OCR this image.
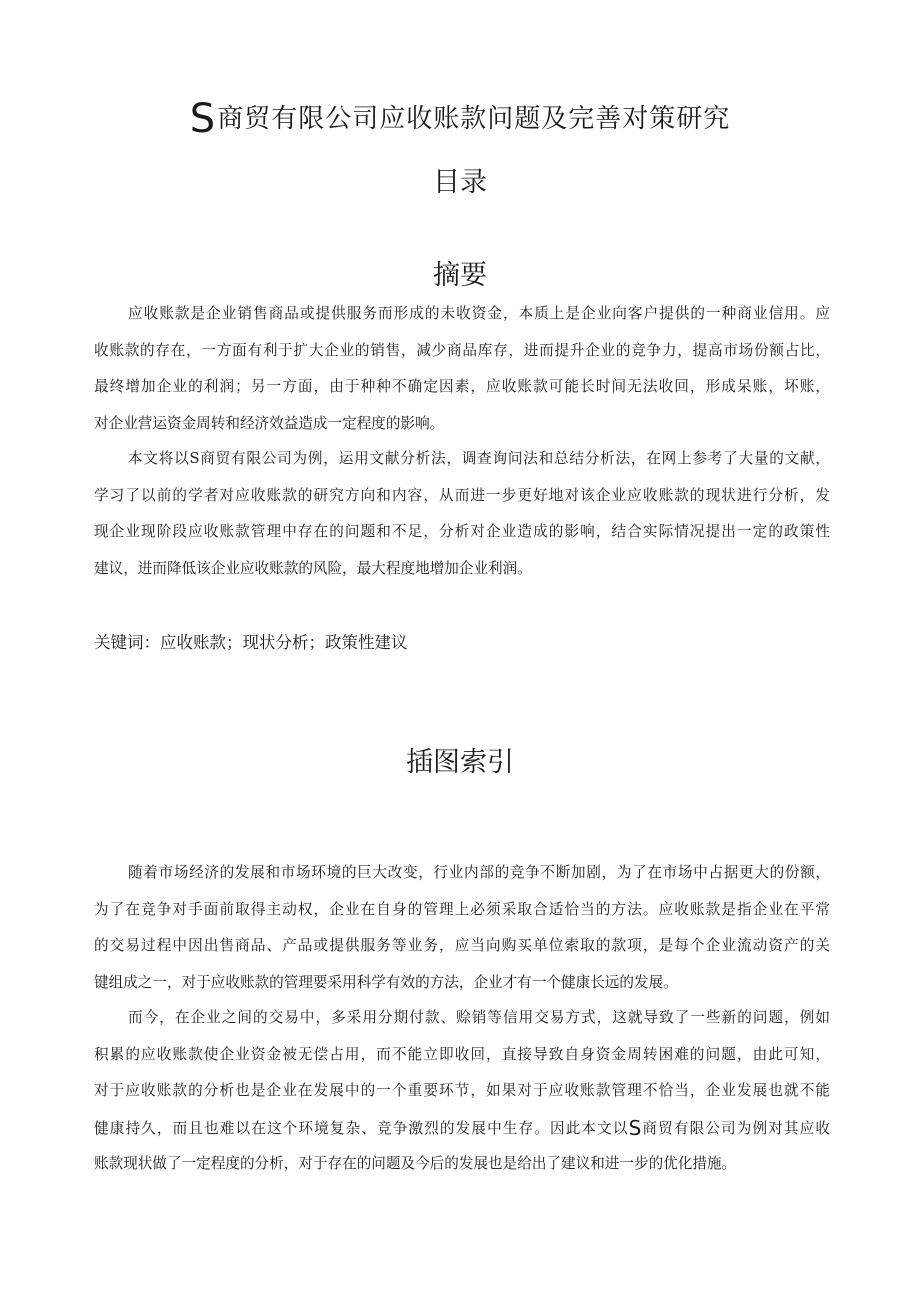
S商贸有限公司应收账款问题及完善对策研究
目录
摘要
应收账款是企业销售商品或提供服务而形成的未收资金，本质上是企业向客户提供的一种商业信用。应
收账款的存在，一方面有利于扩大企业的销售，减少商品库存，进而提升企业的竞争力，提高市场份额占比，
最终增加企业的利润；另一方面，由于种种不确定因素，应收账款可能长时间无法收回，形成呆账，坏账，
对企业营运资金周转和经济效益造成一定程度的影响。
本文将以S商贸有限公司为例，运用文献分析法，调查询问法和总结分析法，在网上参考了大量的文献，
学习了以前的学者对应收账款的研究方向和内容，从而进一步更好地对该企业应收账款的现状进行分析，发
现企业现阶段应收账款管理中存在的问题和不足，分析对企业造成的影响，结合实际情况提出一定的政策性
建议，进而降低该企业应收账款的风险，最大程度地增加企业利润。
关键词：应收账款；现状分析；政策性建议
插图索引
随着市场经济的发展和市场环境的巨大改变，行业内部的竞争不断加剧，为了在市场中占据更大的份额，
为了在竞争对手面前取得主动权，企业在自身的管理上必须采取合适恰当的方法。应收账款是指企业在平常
的交易过程中因出售商品、产品或提供服务等业务，应当向购买单位索取的款项，是每个企业流动资产的关
键组成之一，对于应收账款的管理要采用科学有效的方法，企业才有一个健康长远的发展。
而今，在企业之间的交易中，多采用分期付款、赊销等信用交易方式，这就导致了一些新的问题，例如
积累的应收账款使企业资金被无偿占用，而不能立即收回，直接导致自身资金周转困难的问题，由此可知，
对于应收账款的分析也是企业在发展中的一个重要环节，如果对于应收账款管理不恰当，企业发展也就不能
健康持久，而且也难以在这个环境复杂、竞争激烈的发展中生存。因此本文以S商贸有限公司为例对其应收
账款现状做了一定程度的分析，对于存在的问题及今后的发展也是给出了建议和进一步的优化措施。
